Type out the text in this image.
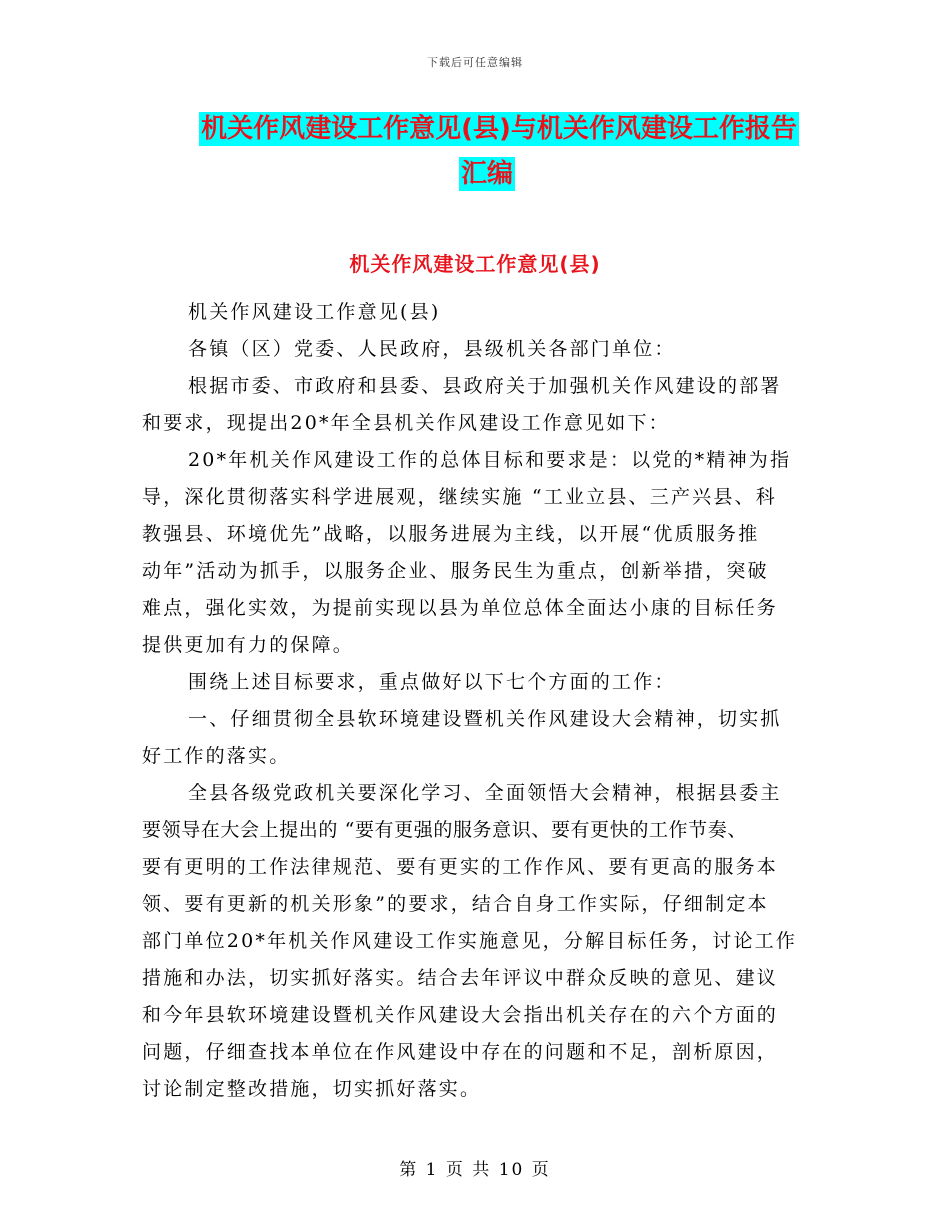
下载后可任意编辑
机关作风建设工作意见(县)与机关作风建设工作报告
汇编
机关作风建设工作意见(县)
机关作风建设工作意见(县)
各镇（区）党委、人民政府，县级机关各部门单位：
根据市委、市政府和县委、县政府关于加强机关作风建设的部署
和要求，现提出20*年全县机关作风建设工作意见如下：
20*年机关作风建设工作的总体目标和要求是：以党的*精神为指
导，深化贯彻落实科学进展观，继续实施 “工业立县、三产兴县、科
教强县、环境优先”战略，以服务进展为主线，以开展“优质服务推
动年”活动为抓手，以服务企业、服务民生为重点，创新举措，突破
难点，强化实效，为提前实现以县为单位总体全面达小康的目标任务
提供更加有力的保障。
围绕上述目标要求，重点做好以下七个方面的工作：
一、仔细贯彻全县软环境建设暨机关作风建设大会精神，切实抓
好工作的落实。
全县各级党政机关要深化学习、全面领悟大会精神，根据县委主
要领导在大会上提出的 “要有更强的服务意识、要有更快的工作节奏、
要有更明的工作法律规范、要有更实的工作作风、要有更高的服务本
领、要有更新的机关形象”的要求，结合自身工作实际，仔细制定本
部门单位20*年机关作风建设工作实施意见，分解目标任务，讨论工作
措施和办法，切实抓好落实。结合去年评议中群众反映的意见、建议
和今年县软环境建设暨机关作风建设大会指出机关存在的六个方面的
问题，仔细查找本单位在作风建设中存在的问题和不足，剖析原因，
讨论制定整改措施，切实抓好落实。
第 1 页 共 10 页
